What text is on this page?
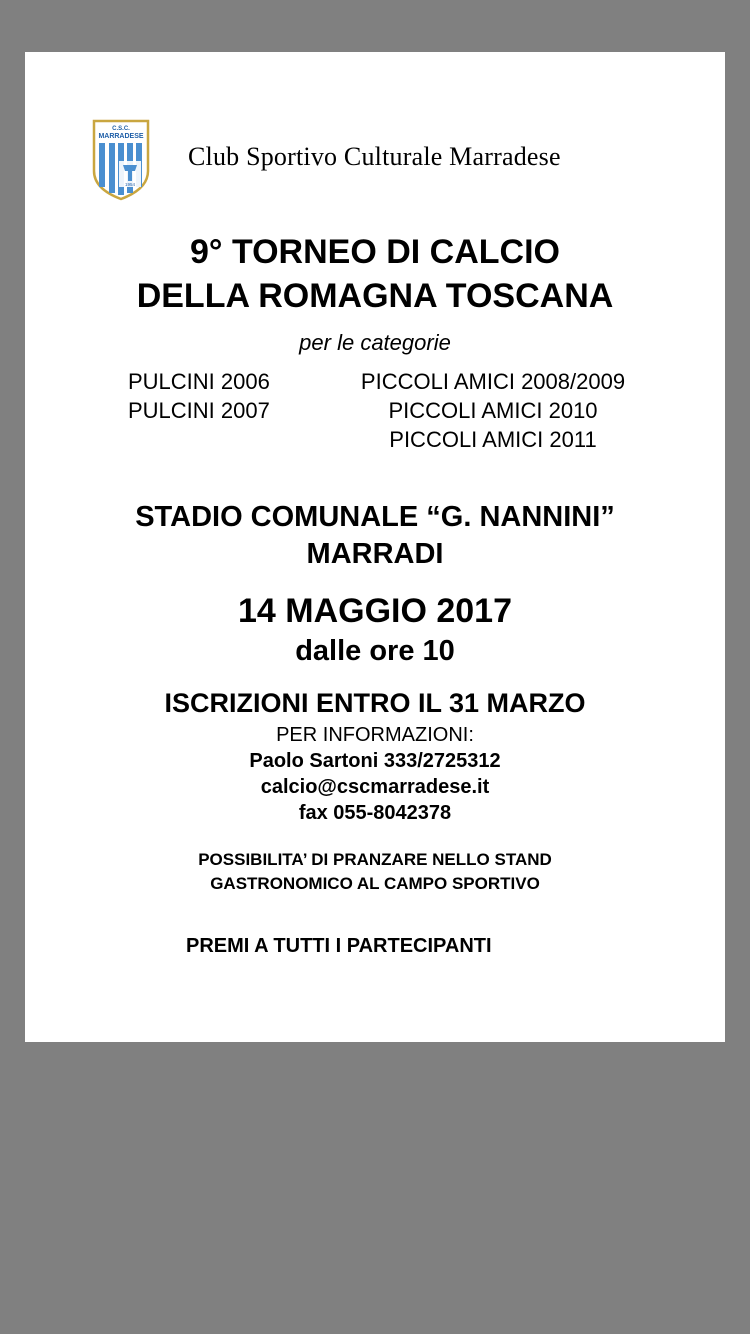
C.S.C.
MARRADESE
1954
Club Sportivo Culturale Marradese
9° TORNEO DI CALCIO
DELLA ROMAGNA TOSCANA
per le categorie
PULCINI 2006
PULCINI 2007
PICCOLI AMICI 2008/2009
PICCOLI AMICI 2010
PICCOLI AMICI 2011
STADIO COMUNALE “G. NANNINI”
MARRADI
14 MAGGIO 2017
dalle ore 10
ISCRIZIONI ENTRO IL 31 MARZO
PER INFORMAZIONI:
Paolo Sartoni 333/2725312
calcio@cscmarradese.it
fax 055-8042378
POSSIBILITA’ DI PRANZARE NELLO STAND
GASTRONOMICO AL CAMPO SPORTIVO
PREMI A TUTTI I PARTECIPANTI
